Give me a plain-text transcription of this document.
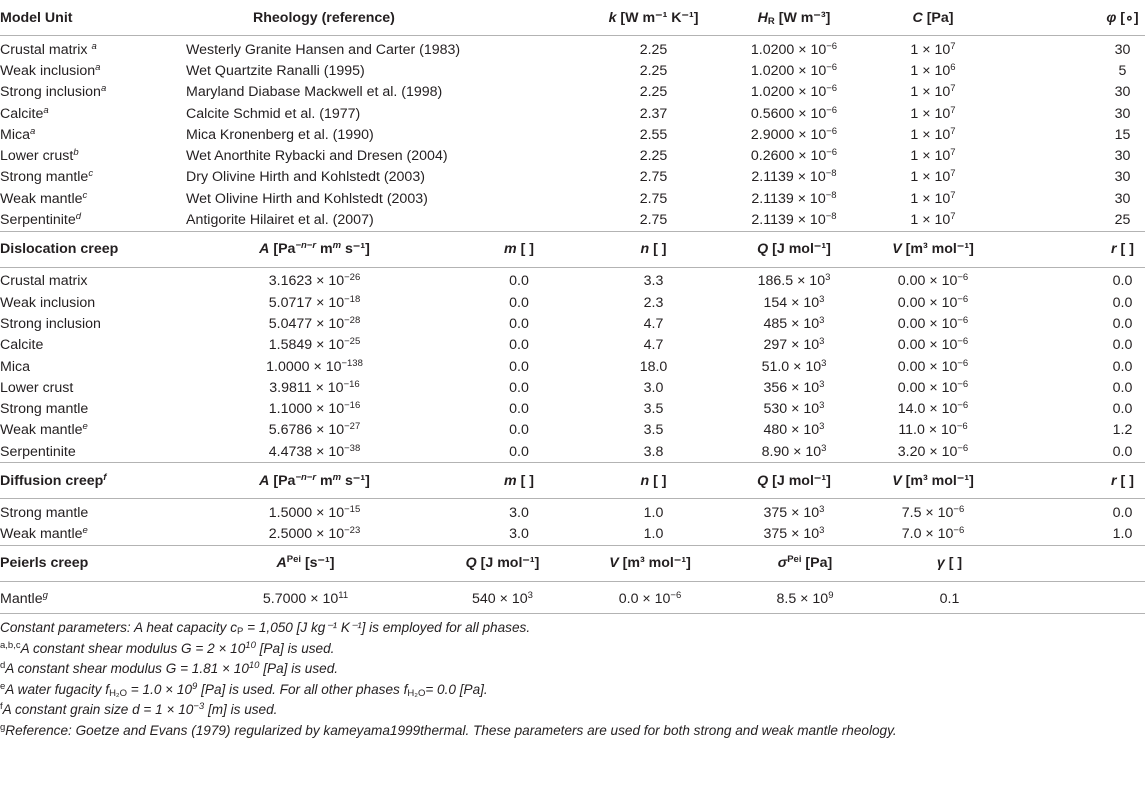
Model Unit	Rheology (reference)		k [W m⁻¹ K⁻¹]	$H_R$ [W m⁻³]	C [Pa]		φ [∘]
Crustal matrix $^a$	Westerly Granite Hansen and Carter (1983)		2.25	$1.0200 \times 10^{-6}$	$1 \times 10^7$		30
Weak inclusion$^a$	Wet Quartzite Ranalli (1995)		2.25	$1.0200 \times 10^{-6}$	$1 \times 10^6$		5
Strong inclusion$^a$	Maryland Diabase Mackwell et al. (1998)		2.25	$1.0200 \times 10^{-6}$	$1 \times 10^7$		30
Calcite$^a$	Calcite Schmid et al. (1977)		2.37	$0.5600 \times 10^{-6}$	$1 \times 10^7$		30
Mica$^a$	Mica Kronenberg et al. (1990)		2.55	$2.9000 \times 10^{-6}$	$1 \times 10^7$		15
Lower crust$^b$	Wet Anorthite Rybacki and Dresen (2004)		2.25	$0.2600 \times 10^{-6}$	$1 \times 10^7$		30
Strong mantle$^c$	Dry Olivine Hirth and Kohlstedt (2003)		2.75	$2.1139 \times 10^{-8}$	$1 \times 10^7$		30
Weak mantle$^c$	Wet Olivine Hirth and Kohlstedt (2003)		2.75	$2.1139 \times 10^{-8}$	$1 \times 10^7$		30
Serpentinite$^d$	Antigorite Hilairet et al. (2007)		2.75	$2.1139 \times 10^{-8}$	$1 \times 10^7$		25
Dislocation creep	A [$Pa^{-n-r}$ $m^m$ s⁻¹]	m [ ]	n [ ]	Q [J mol⁻¹]	V [m³ mol⁻¹]		r [ ]
Crustal matrix	$3.1623 \times 10^{-26}$	0.0	3.3	$186.5 \times 10^3$	$0.00 \times 10^{-6}$		0.0
Weak inclusion	$5.0717 \times 10^{-18}$	0.0	2.3	$154 \times 10^3$	$0.00 \times 10^{-6}$		0.0
Strong inclusion	$5.0477 \times 10^{-28}$	0.0	4.7	$485 \times 10^3$	$0.00 \times 10^{-6}$		0.0
Calcite	$1.5849 \times 10^{-25}$	0.0	4.7	$297 \times 10^3$	$0.00 \times 10^{-6}$		0.0
Mica	$1.0000 \times 10^{-138}$	0.0	18.0	$51.0 \times 10^3$	$0.00 \times 10^{-6}$		0.0
Lower crust	$3.9811 \times 10^{-16}$	0.0	3.0	$356 \times 10^3$	$0.00 \times 10^{-6}$		0.0
Strong mantle	$1.1000 \times 10^{-16}$	0.0	3.5	$530 \times 10^3$	$14.0 \times 10^{-6}$		0.0
Weak mantle$^e$	$5.6786 \times 10^{-27}$	0.0	3.5	$480 \times 10^3$	$11.0 \times 10^{-6}$		1.2
Serpentinite	$4.4738 \times 10^{-38}$	0.0	3.8	$8.90 \times 10^3$	$3.20 \times 10^{-6}$		0.0
Diffusion creep$^f$	A [$Pa^{-n-r}$ $m^m$ s⁻¹]	m [ ]	n [ ]	Q [J mol⁻¹]	V [m³ mol⁻¹]		r [ ]
Strong mantle	$1.5000 \times 10^{-15}$	3.0	1.0	$375 \times 10^3$	$7.5 \times 10^{-6}$		0.0
Weak mantle$^e$	$2.5000 \times 10^{-23}$	3.0	1.0	$375 \times 10^3$	$7.0 \times 10^{-6}$		1.0
Peierls creep	$A^{Pei}$ [s⁻¹]	Q [J mol⁻¹]	V [m³ mol⁻¹]	$\sigma^{Pei}$ [Pa]	γ [ ]	
Mantle$^g$	$5.7000 \times 10^{11}$	$540 \times 10^3$	$0.0 \times 10^{-6}$	$8.5 \times 10^9$	0.1	
Constant parameters: A heat capacity $c_P = 1,050$ [J kg⁻¹ K⁻¹] is employed for all phases.
$^{a,b,c}$A constant shear modulus $G = 2 \times 10^{10}$ [Pa] is used.
$^d$A constant shear modulus $G = 1.81 \times 10^{10}$ [Pa] is used.
$^e$A water fugacity $f_{H_2O} = 1.0 \times 10^9$ [Pa] is used. For all other phases $f_{H_2O}= 0.0$ [Pa].
$^f$A constant grain size $d = 1 \times 10^{-3}$ [m] is used.
$^g$Reference: Goetze and Evans (1979) regularized by kameyama1999thermal. These parameters are used for both strong and weak mantle rheology.
